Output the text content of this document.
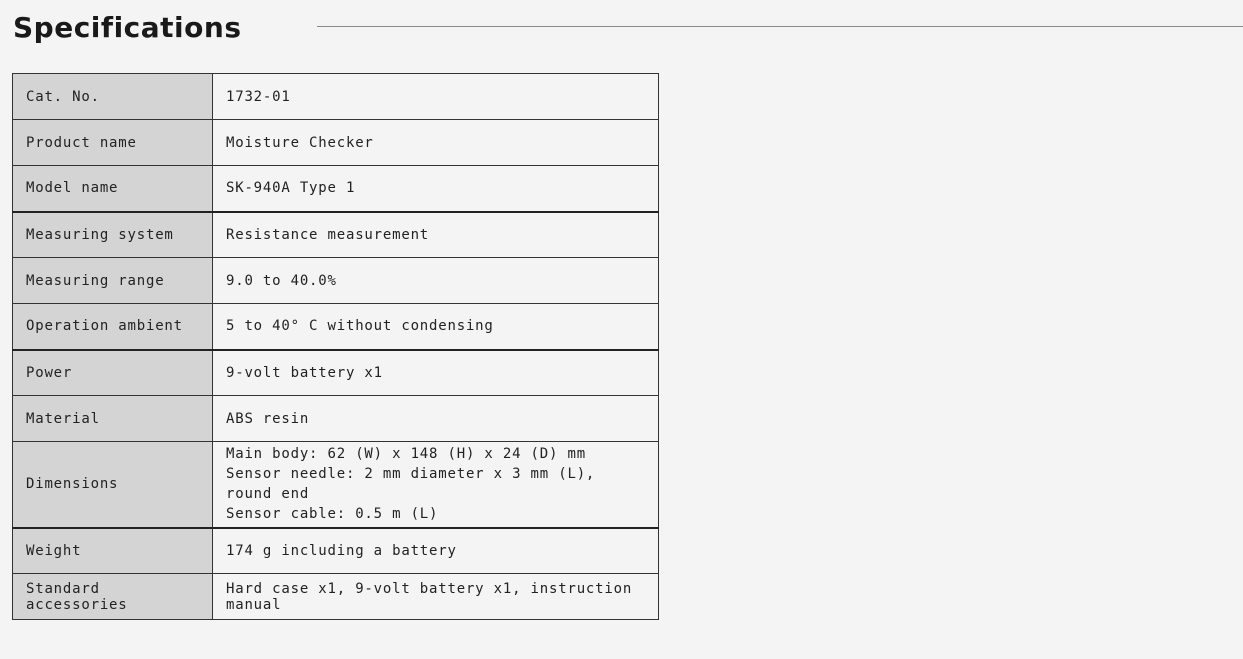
Specifications
Cat. No.	1732-01
Product name	Moisture Checker
Model name	SK-940A Type 1
Measuring system	Resistance measurement
Measuring range	9.0 to 40.0%
Operation ambient	5 to 40° C without condensing
Power	9-volt battery x1
Material	ABS resin
Dimensions	Main body: 62 (W) x 148 (H) x 24 (D) mm
Sensor needle: 2 mm diameter x 3 mm (L), round end
Sensor cable: 0.5 m (L)

Weight	174 g including a battery
Standard accessories	Hard case x1, 9-volt battery x1, instruction manual
